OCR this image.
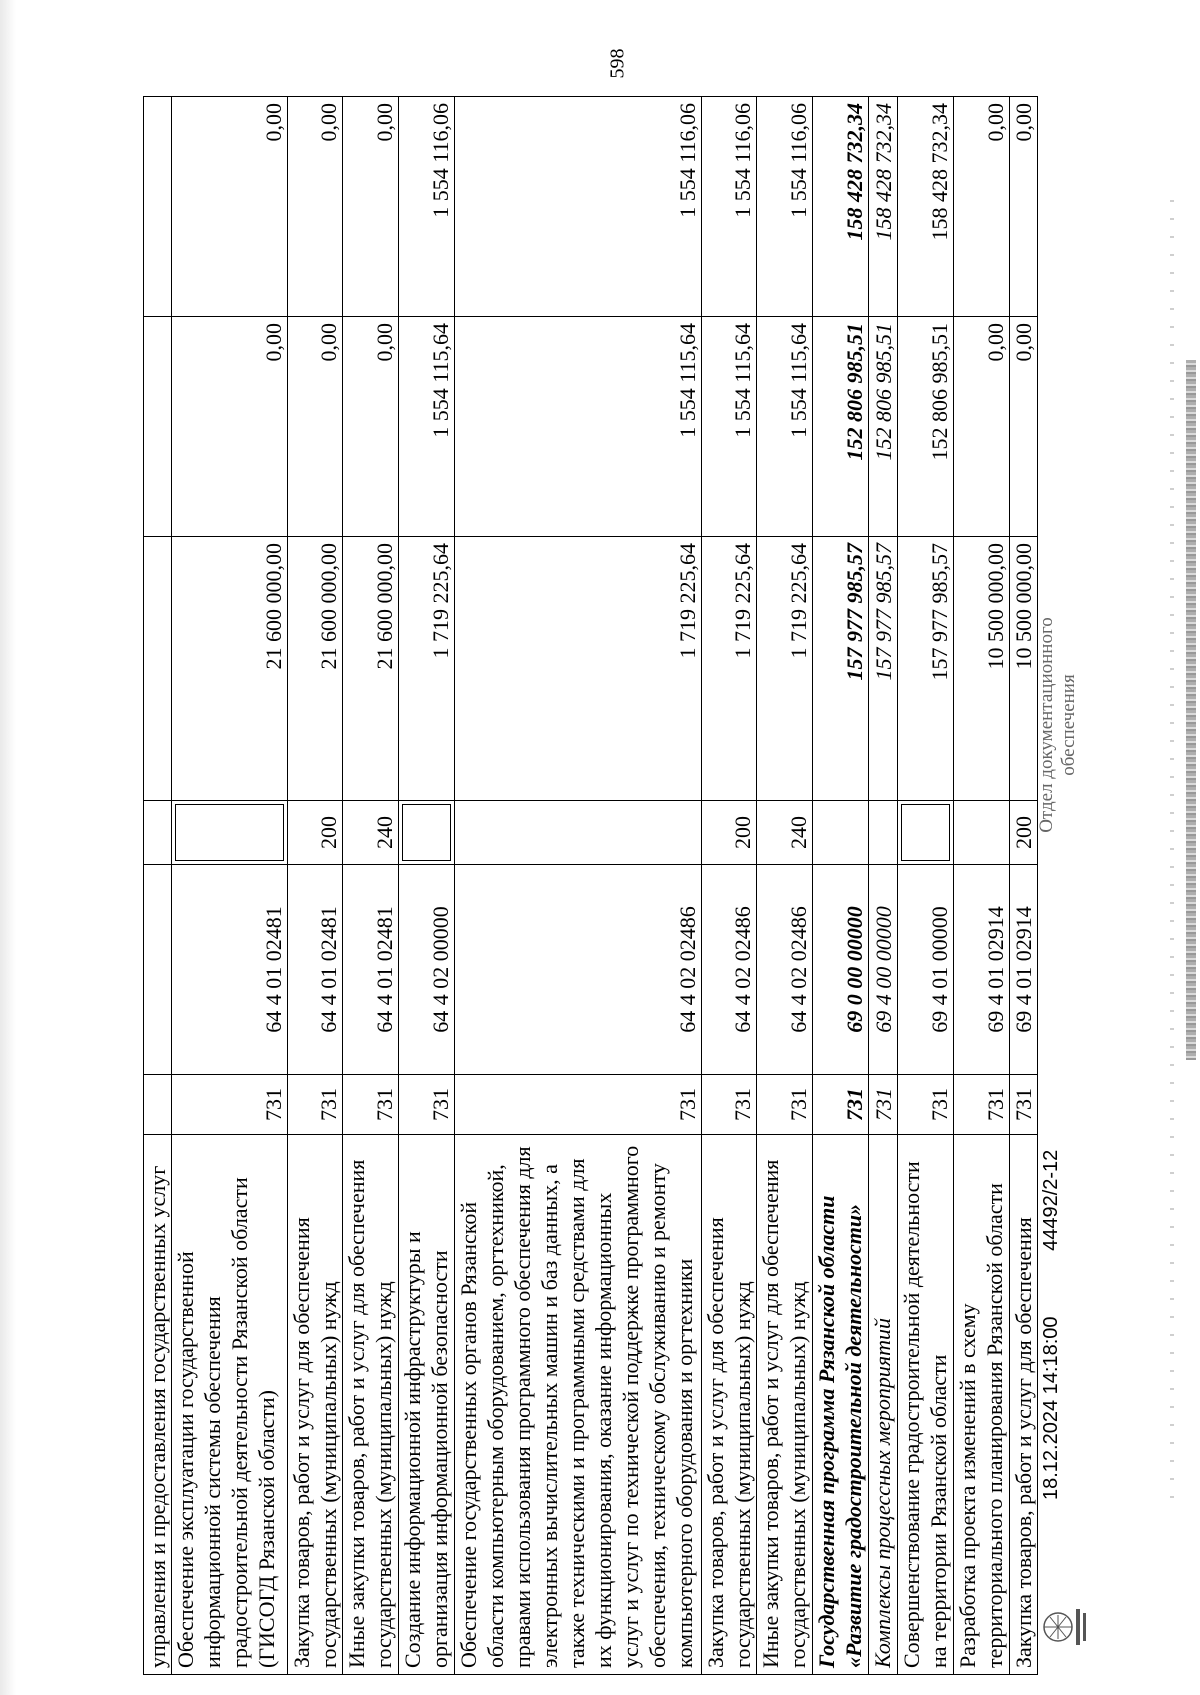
598
управления и предоставления государственных услуг						
Обеспечение эксплуатации государственной информационной системы обеспечения градостроительной деятельности Рязанской области (ГИСОГД Рязанской области)	731	64 4 01 02481		21 600 000,00	0,00	0,00
Закупка товаров, работ и услуг для обеспечения государственных (муниципальных) нужд	731	64 4 01 02481	200	21 600 000,00	0,00	0,00
Иные закупки товаров, работ и услуг для обеспечения государственных (муниципальных) нужд	731	64 4 01 02481	240	21 600 000,00	0,00	0,00
Создание информационной инфраструктуры и организация информационной безопасности	731	64 4 02 00000		1 719 225,64	1 554 115,64	1 554 116,06
Обеспечение государственных органов Рязанской области компьютерным оборудованием, оргтехникой, правами использования программного обеспечения для электронных вычислительных машин и баз данных, а также техническими и программными средствами для их функционирования, оказание информационных услуг и услуг по технической поддержке программного обеспечения, техническому обслуживанию и ремонту компьютерного оборудования и оргтехники	731	64 4 02 02486		1 719 225,64	1 554 115,64	1 554 116,06
Закупка товаров, работ и услуг для обеспечения государственных (муниципальных) нужд	731	64 4 02 02486	200	1 719 225,64	1 554 115,64	1 554 116,06
Иные закупки товаров, работ и услуг для обеспечения государственных (муниципальных) нужд	731	64 4 02 02486	240	1 719 225,64	1 554 115,64	1 554 116,06
Государственная программа Рязанской области «Развитие градостроительной деятельности»	731	69 0 00 00000		157 977 985,57	152 806 985,51	158 428 732,34
Комплексы процессных мероприятий	731	69 4 00 00000		157 977 985,57	152 806 985,51	158 428 732,34
Совершенствование градостроительной деятельности на территории Рязанской области	731	69 4 01 00000		157 977 985,57	152 806 985,51	158 428 732,34
Разработка проекта изменений в схему территориального планирования Рязанской области	731	69 4 01 02914		10 500 000,00	0,00	0,00
Закупка товаров, работ и услуг для обеспечения	731	69 4 01 02914	200	10 500 000,00	0,00	0,00
18.12.2024 14:18:00 44492/2-12
Отдел документационного обеспечения
